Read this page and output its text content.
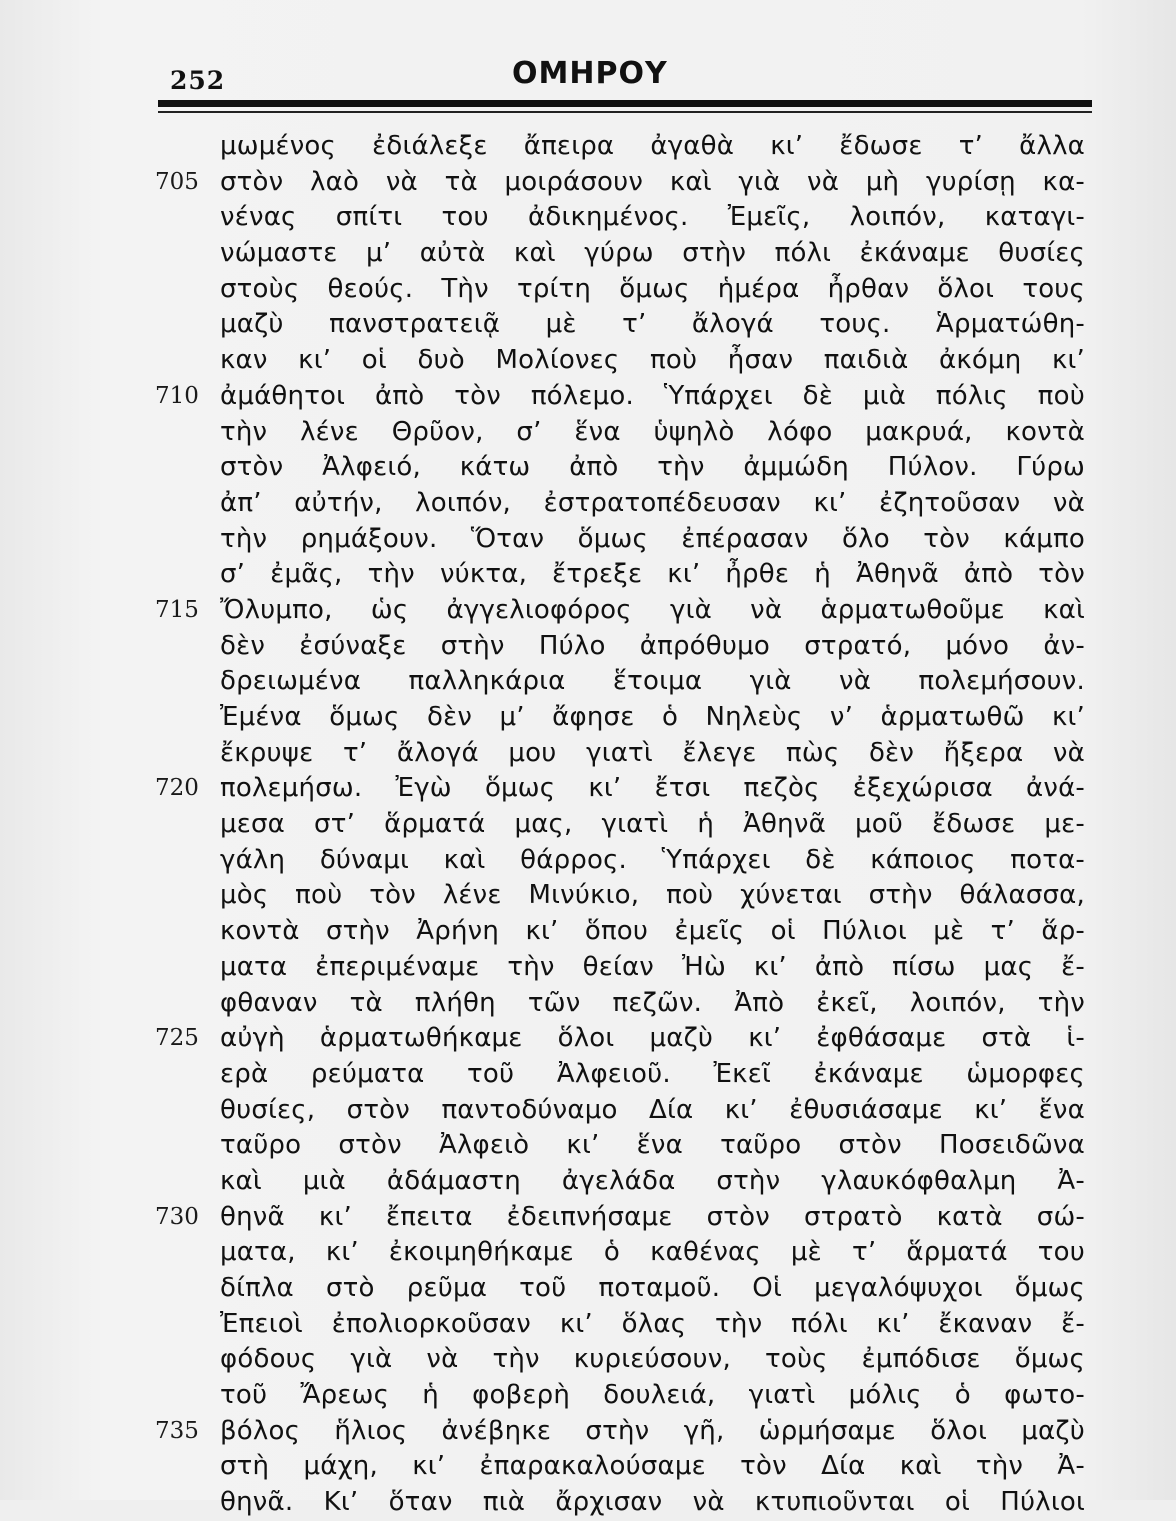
252	ΟΜΗΡΟΥ
μωμένος ἐδιάλεξε ἄπειρα ἀγαθὰ κι’ ἔδωσε τ’ ἄλλα
705 στὸν λαὸ νὰ τὰ μοιράσουν καὶ γιὰ νὰ μὴ γυρίσῃ κα-
νένας σπίτι του ἀδικημένος. Ἐμεῖς, λοιπόν, καταγι-
νώμαστε μ’ αὐτὰ καὶ γύρω στὴν πόλι ἐκάναμε θυσίες
στοὺς θεούς. Τὴν τρίτη ὅμως ἡμέρα ἦρθαν ὅλοι τους
μαζὺ πανστρατειᾷ μὲ τ’ ἄλογά τους. Ἁρματώθη-
καν κι’ οἱ δυὸ Μολίονες ποὺ ἦσαν παιδιὰ ἀκόμη κι’
710 ἀμάθητοι ἀπὸ τὸν πόλεμο. Ὑπάρχει δὲ μιὰ πόλις ποὺ
τὴν λένε Θρῦον, σ’ ἕνα ὑψηλὸ λόφο μακρυά, κοντὰ
στὸν Ἀλφειό, κάτω ἀπὸ τὴν ἀμμώδη Πύλον. Γύρω
ἀπ’ αὐτήν, λοιπόν, ἐστρατοπέδευσαν κι’ ἐζητοῦσαν νὰ
τὴν ρημάξουν. Ὅταν ὅμως ἐπέρασαν ὅλο τὸν κάμπο
σ’ ἐμᾶς, τὴν νύκτα, ἔτρεξε κι’ ἦρθε ἡ Ἀθηνᾶ ἀπὸ τὸν
715 Ὄλυμπο, ὡς ἀγγελιοφόρος γιὰ νὰ ἁρματωθοῦμε καὶ
δὲν ἐσύναξε στὴν Πύλο ἀπρόθυμο στρατό, μόνο ἀν-
δρειωμένα παλληκάρια ἕτοιμα γιὰ νὰ πολεμήσουν.
Ἐμένα ὅμως δὲν μ’ ἄφησε ὁ Νηλεὺς ν’ ἁρματωθῶ κι’
ἔκρυψε τ’ ἄλογά μου γιατὶ ἔλεγε πὼς δὲν ἤξερα νὰ
720 πολεμήσω. Ἐγὼ ὅμως κι’ ἔτσι πεζὸς ἐξεχώρισα ἀνά-
μεσα στ’ ἅρματά μας, γιατὶ ἡ Ἀθηνᾶ μοῦ ἔδωσε με-
γάλη δύναμι καὶ θάρρος. Ὑπάρχει δὲ κάποιος ποτα-
μὸς ποὺ τὸν λένε Μινύκιο, ποὺ χύνεται στὴν θάλασσα,
κοντὰ στὴν Ἀρήνη κι’ ὅπου ἐμεῖς οἱ Πύλιοι μὲ τ’ ἅρ-
ματα ἐπεριμέναμε τὴν θείαν Ἠὼ κι’ ἀπὸ πίσω μας ἔ-
φθαναν τὰ πλήθη τῶν πεζῶν. Ἀπὸ ἐκεῖ, λοιπόν, τὴν
725 αὐγὴ ἁρματωθήκαμε ὅλοι μαζὺ κι’ ἐφθάσαμε στὰ ἱ-
ερὰ ρεύματα τοῦ Ἀλφειοῦ. Ἐκεῖ ἐκάναμε ὡμορφες
θυσίες, στὸν παντοδύναμο Δία κι’ ἐθυσιάσαμε κι’ ἕνα
ταῦρο στὸν Ἀλφειὸ κι’ ἕνα ταῦρο στὸν Ποσειδῶνα
καὶ μιὰ ἀδάμαστη ἀγελάδα στὴν γλαυκόφθαλμη Ἀ-
730 θηνᾶ κι’ ἔπειτα ἐδειπνήσαμε στὸν στρατὸ κατὰ σώ-
ματα, κι’ ἐκοιμηθήκαμε ὁ καθένας μὲ τ’ ἅρματά του
δίπλα στὸ ρεῦμα τοῦ ποταμοῦ. Οἱ μεγαλόψυχοι ὅμως
Ἐπειοὶ ἐπολιορκοῦσαν κι’ ὅλας τὴν πόλι κι’ ἔκαναν ἔ-
φόδους γιὰ νὰ τὴν κυριεύσουν, τοὺς ἐμπόδισε ὅμως
τοῦ Ἄρεως ἡ φοβερὴ δουλειά, γιατὶ μόλις ὁ φωτο-
735 βόλος ἥλιος ἀνέβηκε στὴν γῆ, ὡρμήσαμε ὅλοι μαζὺ
στὴ μάχη, κι’ ἐπαρακαλούσαμε τὸν Δία καὶ τὴν Ἀ-
θηνᾶ. Κι’ ὅταν πιὰ ἄρχισαν νὰ κτυπιοῦνται οἱ Πύλιοι
